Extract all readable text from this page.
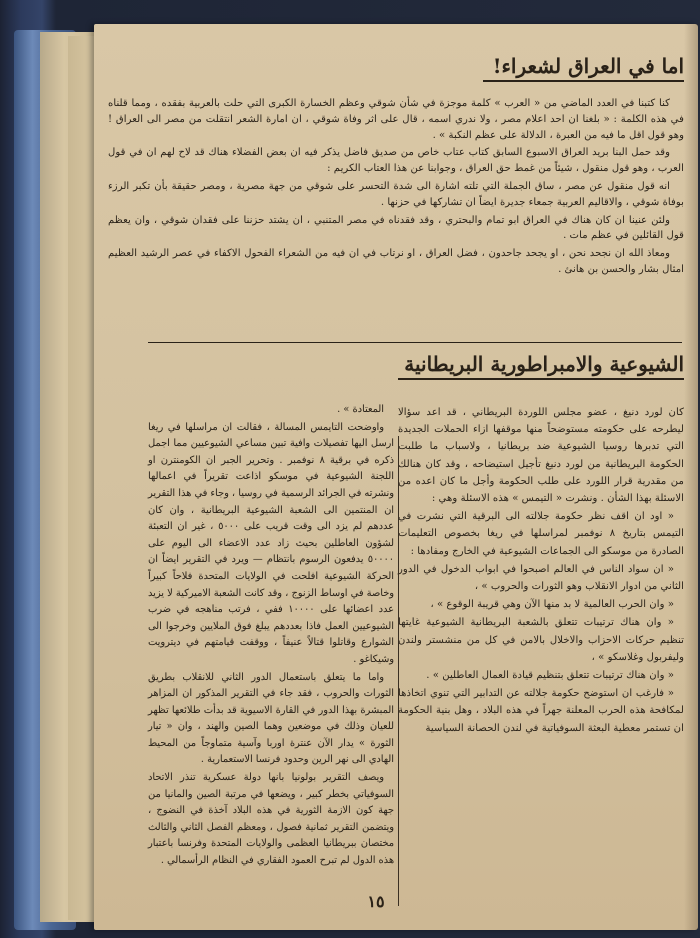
اما في العراق لشعراء!

كنا كتبنا في العدد الماضي من « العرب » كلمة موجزة في شأن شوقي وعظم الخسارة الكبرى التي حلت بالعربية بفقده ، ومما قلناه في هذه الكلمة : « بلغنا ان احد اعلام مصر ، ولا ندري اسمه ، قال على اثر وفاة شوقي ، ان امارة الشعر انتقلت من مصر الى العراق ! وهو قول اقل ما فيه من العبرة ، الدلالة على عظم النكبة » .

وقد حمل البنا بريد العراق الاسبوع السابق كتاب عتاب خاص من صديق فاضل يذكر فيه ان بعض الفضلاء هناك قد لاح لهم ان في قول العرب ، وهو قول منقول ، شيئاً من غمط حق العراق ، وجوابنا عن هذا العتاب الكريم :

انه قول منقول عن مصر ، ساق الجملة التي تلته اشارة الى شدة التحسر على شوقي من جهة مصرية ، ومصر حقيقة بأن تكبر الرزء بوفاة شوقي ، والاقاليم العربية جمعاء جديرة ايضاً ان تشاركها في حزنها .

ولئن عنينا ان كان هناك في العراق ابو تمام والبحتري ، وقد فقدناه في مصر المتنبي ، ان يشتد حزننا على فقدان شوقي ، وان يعظم قول القائلين في عظم مات .

ومعاذ الله ان نجحد نحن ، او يجحد جاحدون ، فضل العراق ، او نرتاب في ان فيه من الشعراء الفحول الاكفاء في عصر الرشيد العظيم امثال بشار والحسن بن هانئ .

الشيوعية والامبراطورية البريطانية

كان لورد دنيغ ، عضو مجلس اللوردة البريطاني ، قد اعد سؤالا ليطرحه على حكومته مستوضحاً منها موقفها ازاء الحملات الجديدة التي تدبرها روسيا الشيوعية ضد بريطانيا ، ولاسباب ما طلبت الحكومة البريطانية من لورد دنيغ تأجيل استيضاحه ، وقد كان هنالك من مقدرية قرار اللورد على طلب الحكومة وأجل ما كان اعده من الاسئلة بهذا الشأن . ونشرت « التيمس » هذه الاسئلة وهي :

« اود ان اقف نظر حكومة جلالته الى البرقية التي نشرت في التيمس بتاريخ ٨ نوفمبر لمراسلها في ريغا بخصوص التعليمات الصادرة من موسكو الى الجماعات الشيوعية في الخارج ومفادها :

« ان سواد الناس في العالم اصبحوا في ابواب الدخول في الدور الثاني من ادوار الانقلاب وهو الثورات والحروب » ،

« وان الحرب العالمية لا بد منها الآن وهي قريبة الوقوع » ،

« وان هناك ترتيبات تتعلق بالشعبة البريطانية الشيوعية غايتها تنظيم حركات الاحزاب والاخلال بالامن في كل من منشستر ولندن وليفربول وغلاسكو » ،

« وان هناك ترتيبات تتعلق بتنظيم قيادة العمال العاطلين » .

« فارغب ان استوضح حكومة جلالته عن التدابير التي تنوي اتخاذها لمكافحة هذه الحرب المعلنة جهراً في هذه البلاد ، وهل بنية الحكومة ان تستمر معطية البعثة السوفياتية في لندن الحصانة السياسية

المعتادة » .

واوضحت التايمس المسالة ، فقالت ان مراسلها في ريغا ارسل اليها تفصيلات وافية تبين مساعي الشيوعيين مما اجمل ذكره في برقية ٨ نوفمبر . وتحرير الجبر ان الكومنترن او اللجنة الشيوعية في موسكو اذاعت تقريراً في اعمالها ونشرته في الجرائد الرسمية في روسيا ، وجاء في هذا التقرير ان المنتمين الى الشعبة الشيوعية البريطانية ، وان كان عددهم لم يزد الى وقت قريب على ٥٠٠٠ ، غير ان التعبئة لشؤون العاطلين بحيث زاد عدد الاعضاء الى اليوم على ٥٠٠٠٠ يدفعون الرسوم بانتظام — ويرد في التقرير ايضاً ان الحركة الشيوعية افلحت في الولايات المتحدة فلاحاً كبيراً وخاصة في اوساط الزنوج ، وقد كانت الشعبة الاميركية لا يزيد عدد اعضائها على ١٠٠٠٠ ففي ، فرتب مناهجه في ضرب الشيوعيين العمل فاذا بعددهم يبلغ فوق الملايين وخرجوا الى الشوارع وقاتلوا قتالاً عنيفاً ، ووقفت قيامتهم في ديترويت وشيكاغو .

واما ما يتعلق باستعمال الدور الثاني للانقلاب بطريق الثورات والحروب ، فقد جاء في التقرير المذكور ان المزاهر المبشرة بهذا الدور في القارة الاسيوية قد بدأت طلائعها تظهر للعيان وذلك في موضعين وهما الصين والهند ، وان « تيار الثورة » يدار الآن عنترة اوربا وآسية متماوجاً من المحيط الهادي الى نهر الرين وحدود فرنسا الاستعمارية .

ويصف التقرير بولونيا بانها دولة عسكرية تنذر الاتحاد السوفياتي بخطر كبير ، ويضعها في مرتبة الصين والمانيا من جهة كون الازمة الثورية في هذه البلاد آخذة في النضوج ، ويتضمن التقرير ثمانية فصول ، ومعظم الفصل الثاني والثالث مختصان ببريطانيا العظمى والولايات المتحدة وفرنسا باعتبار هذه الدول لم تبرح العمود الفقاري في النظام الرأسمالي .

١٥
